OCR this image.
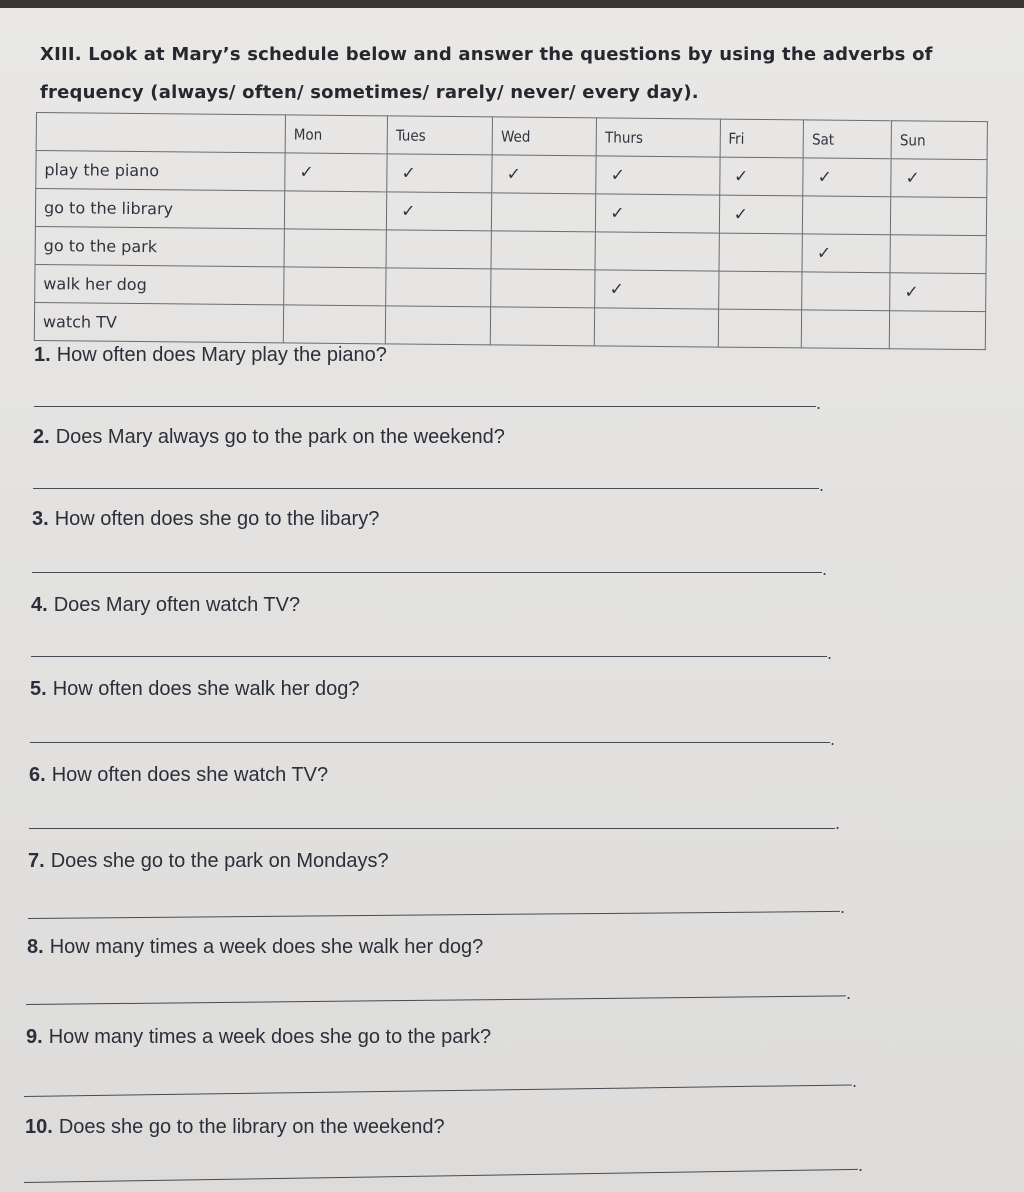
XIII. Look at Mary’s schedule below and answer the questions by using the adverbs of frequency (always/ often/ sometimes/ rarely/ never/ every day).
	Mon	Tues	Wed	Thurs	Fri	Sat	Sun
play the piano	✓	✓	✓	✓	✓	✓	✓
go to the library		✓		✓	✓		
go to the park						✓	
walk her dog				✓			✓
watch TV							
1. How often does Mary play the piano?
.
2. Does Mary always go to the park on the weekend?
.
3. How often does she go to the libary?
.
4. Does Mary often watch TV?
.
5. How often does she walk her dog?
.
6. How often does she watch TV?
.
7. Does she go to the park on Mondays?
.
8. How many times a week does she walk her dog?
.
9. How many times a week does she go to the park?
.
10. Does she go to the library on the weekend?
.
